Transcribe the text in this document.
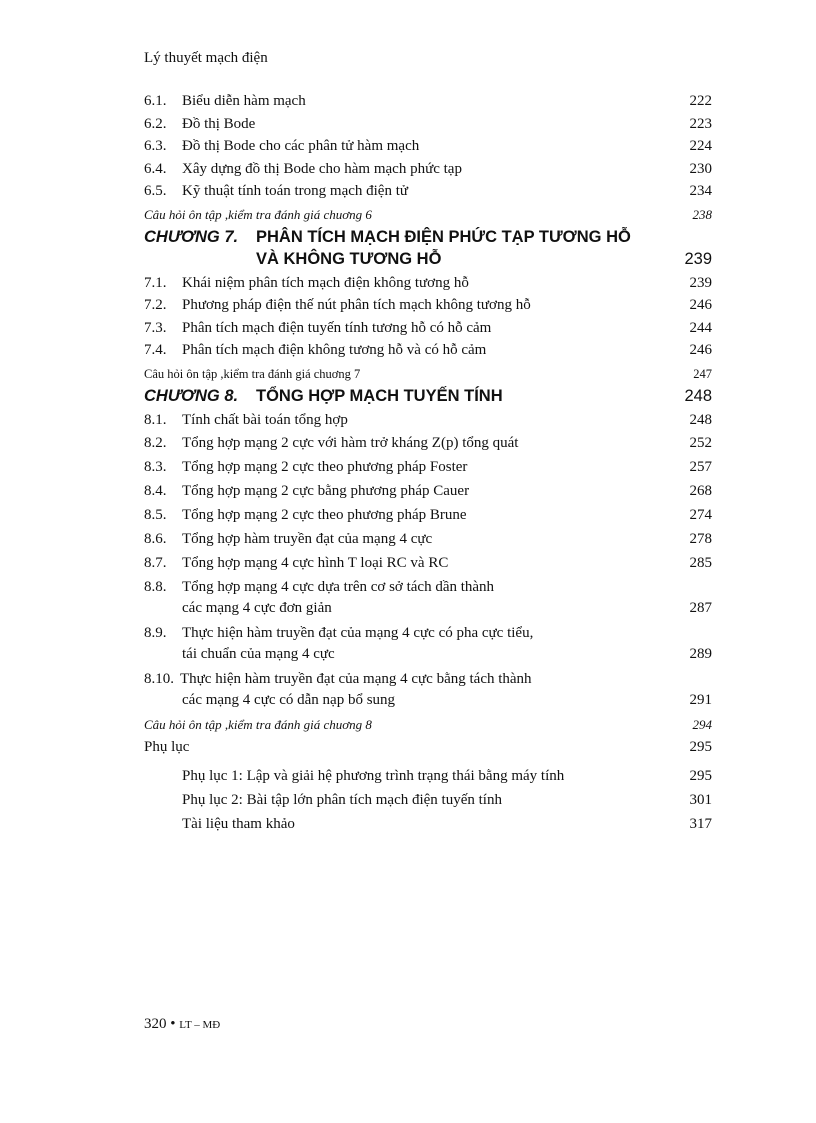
Lý thuyết mạch điện
6.1. Biểu diễn hàm mạch	222
6.2. Đồ thị Bode	223
6.3. Đồ thị Bode cho các phân tử hàm mạch	224
6.4. Xây dựng đồ thị Bode cho hàm mạch phức tạp	230
6.5. Kỹ thuật tính toán trong mạch điện tử	234
Câu hỏi ôn tập ,kiểm tra đánh giá chuơng 6	238
CHƯƠNG 7. PHÂN TÍCH MẠCH ĐIỆN PHỨC TẠP TƯƠNG HỖ
VÀ KHÔNG TƯƠNG HỖ	239
7.1. Khái niệm phân tích mạch điện không tương hỗ	239
7.2. Phương pháp điện thế nút phân tích mạch không tương hỗ	246
7.3. Phân tích mạch điện tuyến tính tương hỗ có hỗ cảm	244
7.4. Phân tích mạch điện không tương hỗ và có hỗ cảm	246
Câu hỏi ôn tập ,kiểm tra đánh giá chuơng 7	247
CHƯƠNG 8. TỔNG HỢP MẠCH TUYẾN TÍNH	248
8.1. Tính chất bài toán tổng hợp	248
8.2. Tổng hợp mạng 2 cực với hàm trở kháng Z(p) tổng quát	252
8.3. Tổng hợp mạng 2 cực theo phương pháp Foster	257
8.4. Tổng hợp mạng 2 cực bằng phương pháp Cauer	268
8.5. Tổng hợp mạng 2 cực theo phương pháp Brune	274
8.6. Tổng hợp hàm truyền đạt của mạng 4 cực	278
8.7. Tổng hợp mạng 4 cực hình T loại RC và RC	285
8.8. Tổng hợp mạng 4 cực dựa trên cơ sở tách dần thành
các mạng 4 cực đơn giản	287
8.9. Thực hiện hàm truyền đạt của mạng 4 cực có pha cực tiểu,
tái chuẩn của mạng 4 cực	289
8.10. Thực hiện hàm truyền đạt của mạng 4 cực bằng tách thành
các mạng 4 cực có dẫn nạp bổ sung	291
Câu hỏi ôn tập ,kiểm tra đánh giá chuơng 8	294
Phụ lục	295
Phụ lục 1: Lập và giải hệ phương trình trạng thái bằng máy tính	295
Phụ lục 2: Bài tập lớn phân tích mạch điện tuyến tính	301
Tài liệu tham khảo	317
320 • LT – MĐ
